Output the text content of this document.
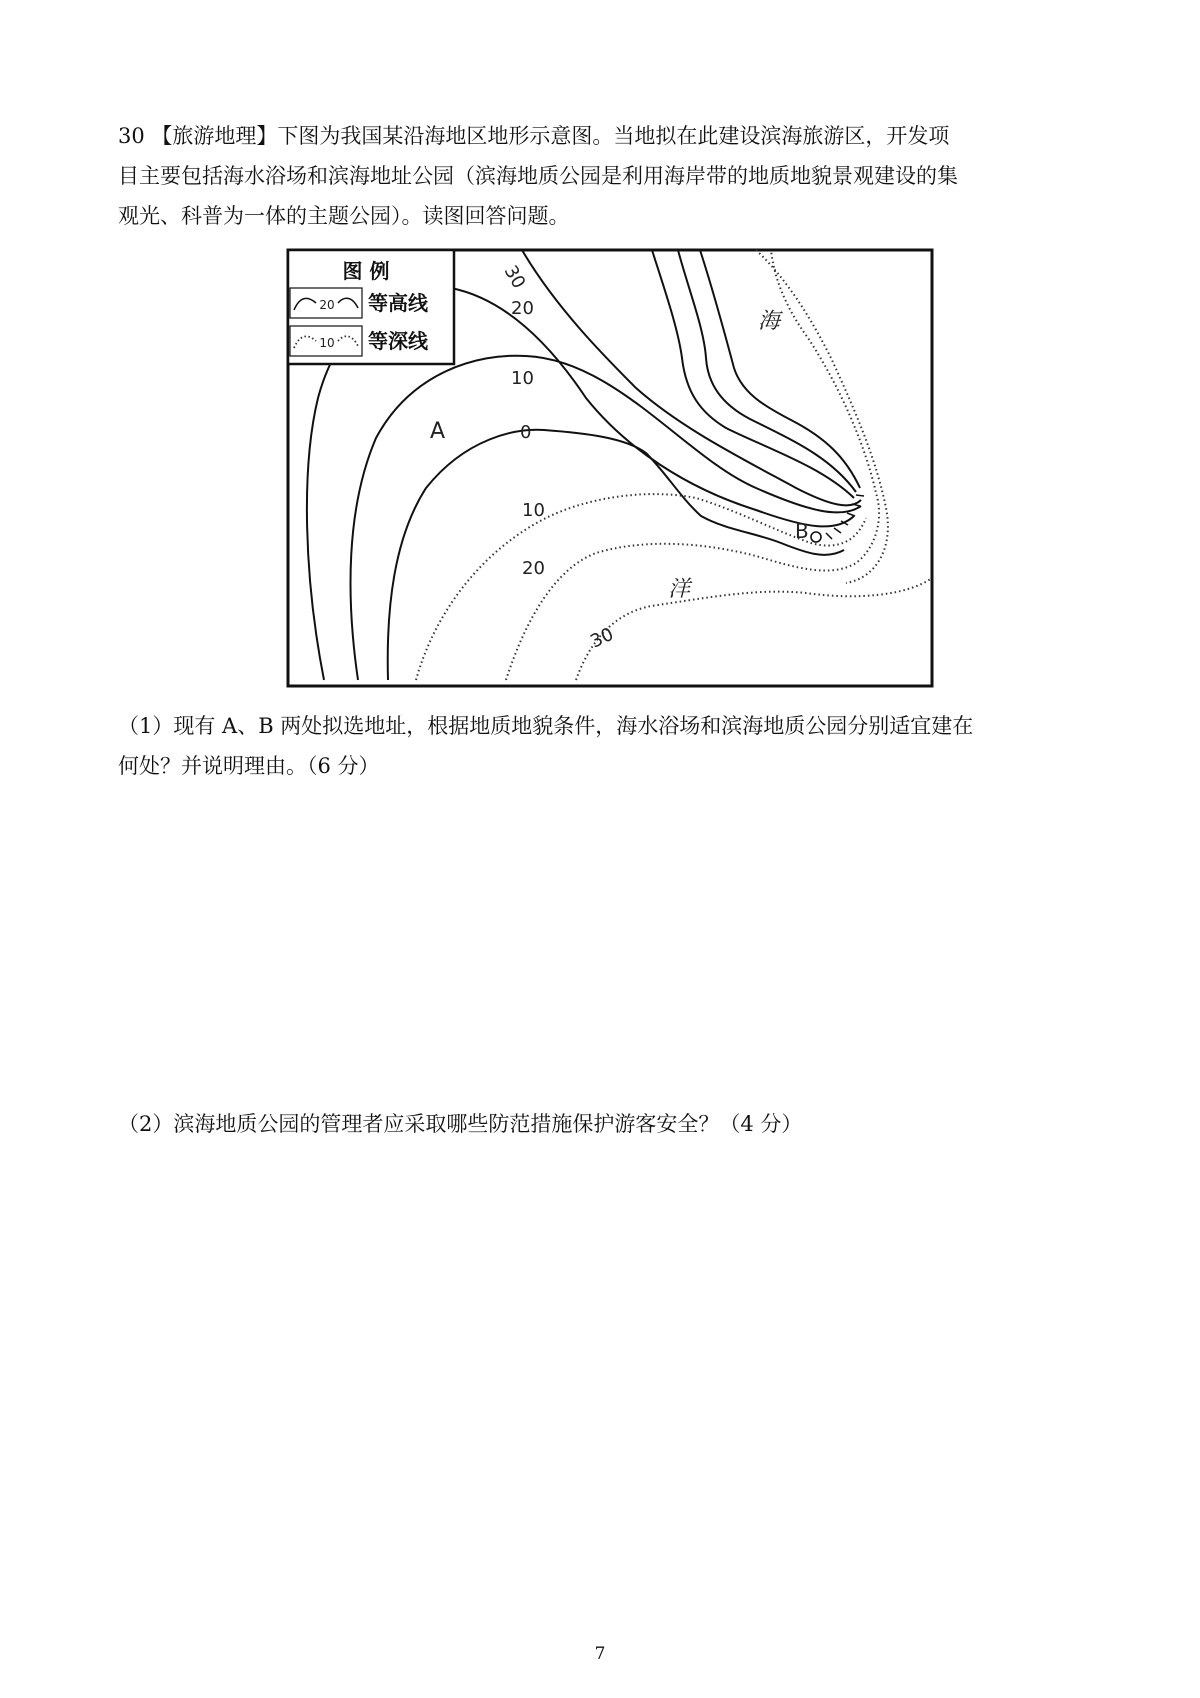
30 【旅游地理】下图为我国某沿海地区地形示意图。当地拟在此建设滨海旅游区，开发项
目主要包括海水浴场和滨海地址公园（滨海地质公园是利用海岸带的地质地貌景观建设的集
观光、科普为一体的主题公园）。读图回答问题。
图 例
20 等高线
10 等深线
30
20
10
0
10
20
30
A
B
海
洋
（1）现有 A、B 两处拟选地址，根据地质地貌条件，海水浴场和滨海地质公园分别适宜建在
何处？并说明理由。（6 分）
（2）滨海地质公园的管理者应采取哪些防范措施保护游客安全？（4 分）
7
